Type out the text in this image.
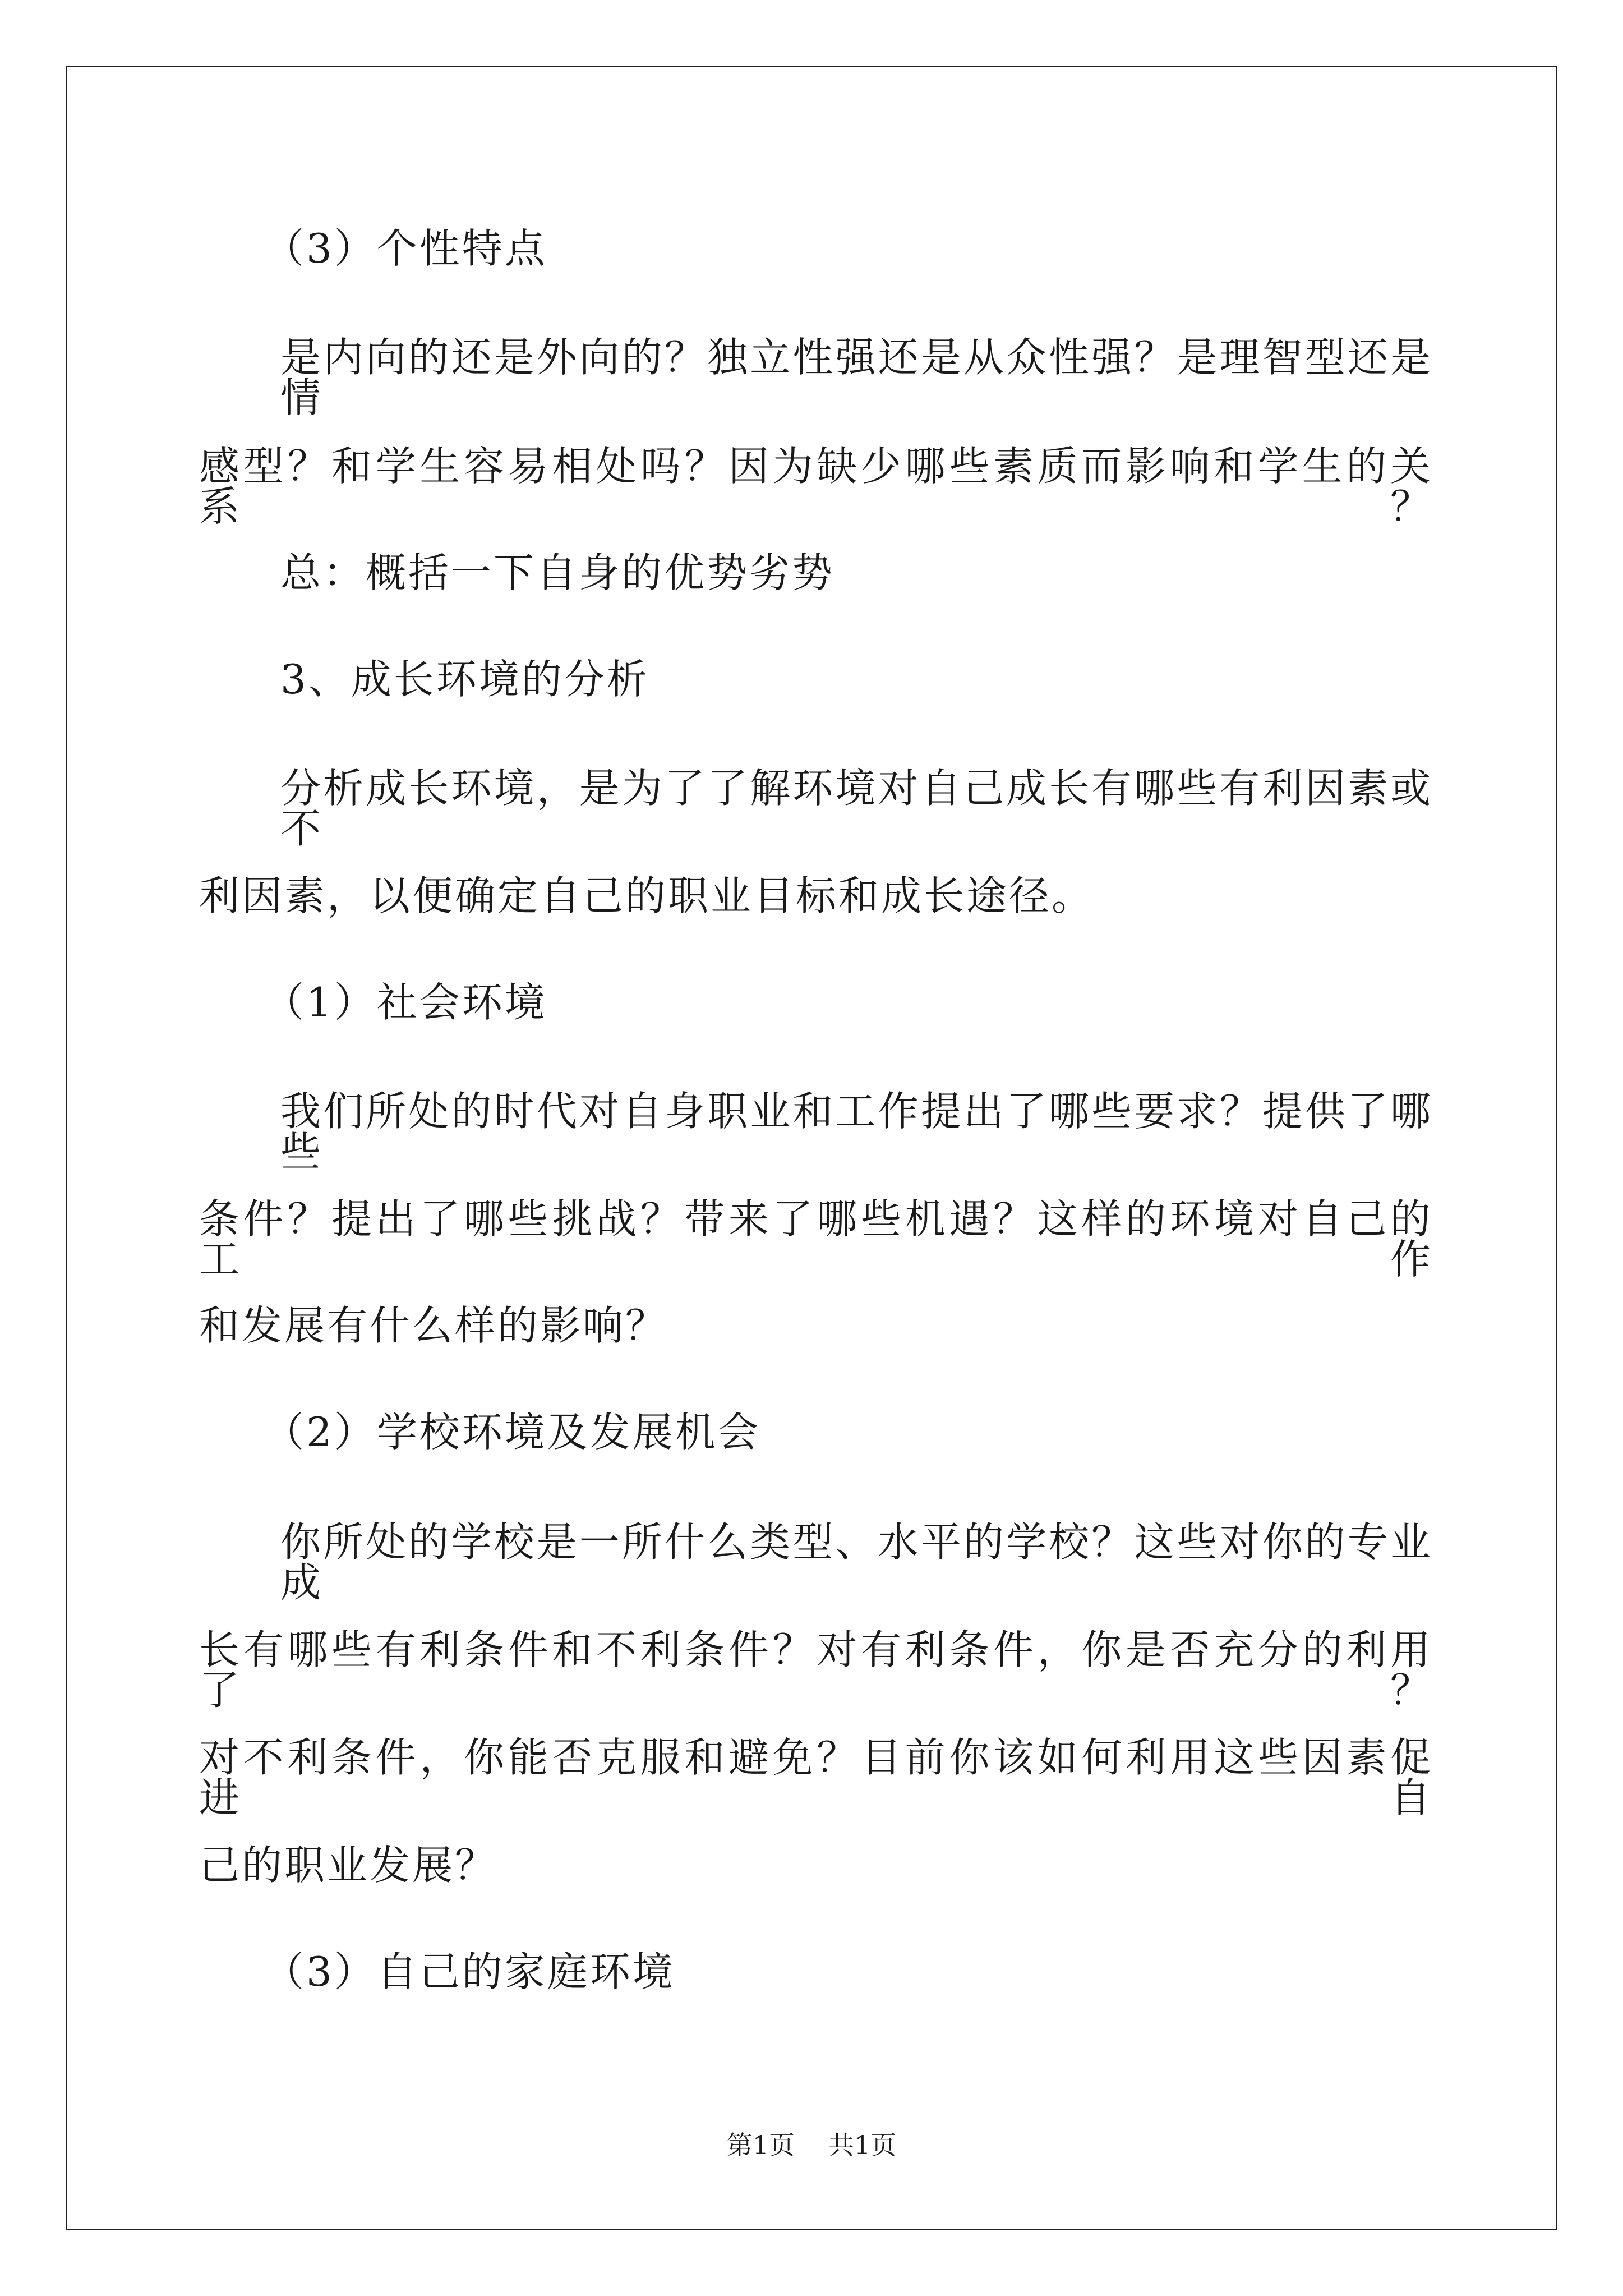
（3）个性特点
是内向的还是外向的？独立性强还是从众性强？是理智型还是情
感型？和学生容易相处吗？因为缺少哪些素质而影响和学生的关系？
总：概括一下自身的优势劣势
3、成长环境的分析
分析成长环境，是为了了解环境对自己成长有哪些有利因素或不
利因素，以便确定自己的职业目标和成长途径。
（1）社会环境
我们所处的时代对自身职业和工作提出了哪些要求？提供了哪些
条件？提出了哪些挑战？带来了哪些机遇？这样的环境对自己的工作
和发展有什么样的影响？
（2）学校环境及发展机会
你所处的学校是一所什么类型、水平的学校？这些对你的专业成
长有哪些有利条件和不利条件？对有利条件，你是否充分的利用了？
对不利条件，你能否克服和避免？目前你该如何利用这些因素促进自
己的职业发展？
（3）自己的家庭环境
第1页 共1页
